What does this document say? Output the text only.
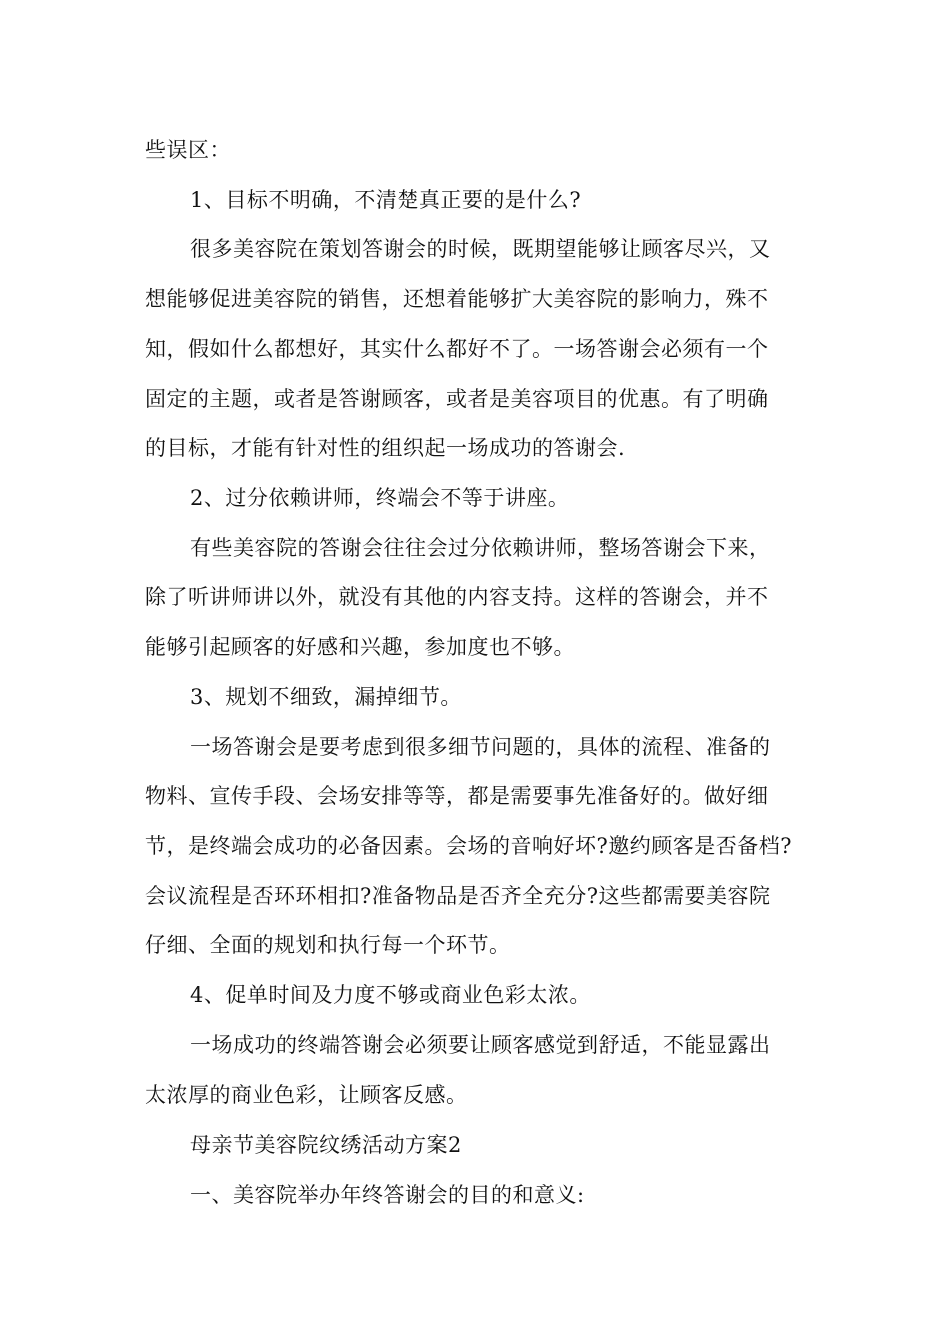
些误区：

1、目标不明确，不清楚真正要的是什么?

很多美容院在策划答谢会的时候，既期望能够让顾客尽兴，又

想能够促进美容院的销售，还想着能够扩大美容院的影响力，殊不

知，假如什么都想好，其实什么都好不了。一场答谢会必须有一个

固定的主题，或者是答谢顾客，或者是美容项目的优惠。有了明确

的目标，才能有针对性的组织起一场成功的答谢会.

2、过分依赖讲师，终端会不等于讲座。

有些美容院的答谢会往往会过分依赖讲师，整场答谢会下来，

除了听讲师讲以外，就没有其他的内容支持。这样的答谢会，并不

能够引起顾客的好感和兴趣，参加度也不够。

3、规划不细致，漏掉细节。

一场答谢会是要考虑到很多细节问题的，具体的流程、准备的

物料、宣传手段、会场安排等等，都是需要事先准备好的。做好细

节，是终端会成功的必备因素。会场的音响好坏?邀约顾客是否备档?

会议流程是否环环相扣?准备物品是否齐全充分?这些都需要美容院

仔细、全面的规划和执行每一个环节。

4、促单时间及力度不够或商业色彩太浓。

一场成功的终端答谢会必须要让顾客感觉到舒适，不能显露出

太浓厚的商业色彩，让顾客反感。

母亲节美容院纹绣活动方案2

一、美容院举办年终答谢会的目的和意义:
